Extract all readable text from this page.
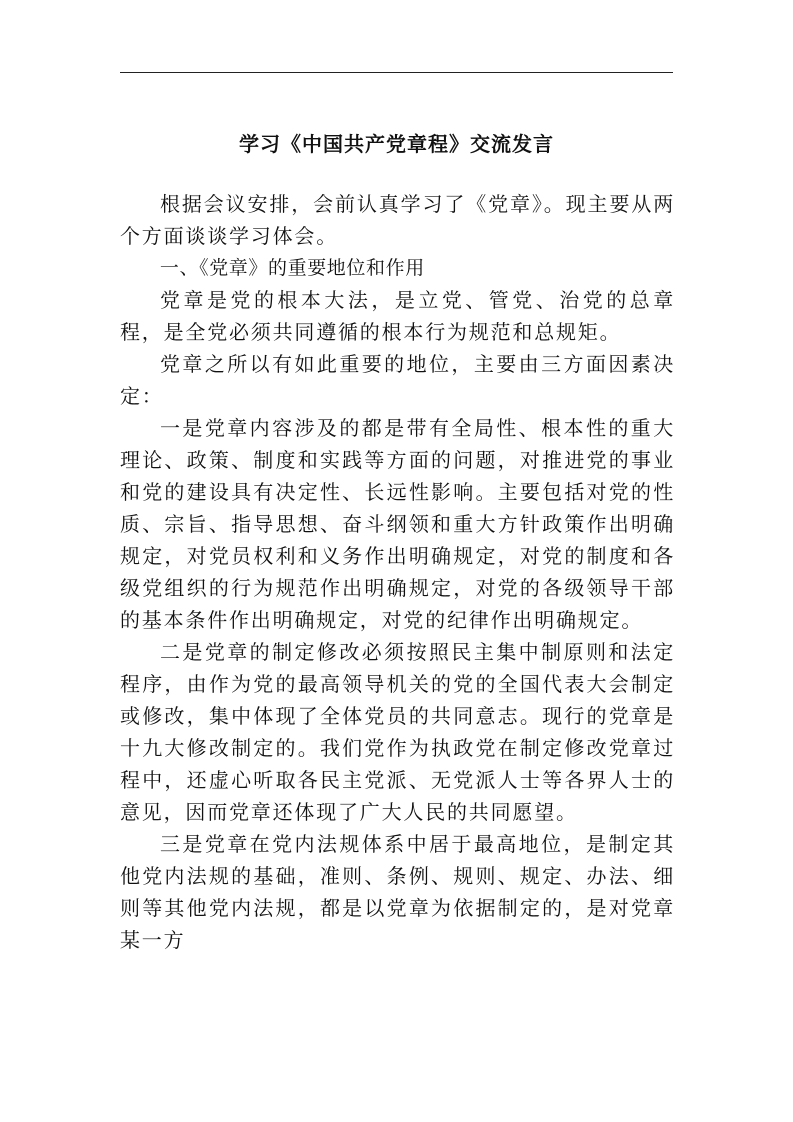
学习《中国共产党章程》交流发言

根据会议安排，会前认真学习了《党章》。现主要从两个方面谈谈学习体会。

一、《党章》的重要地位和作用

党章是党的根本大法，是立党、管党、治党的总章程，是全党必须共同遵循的根本行为规范和总规矩。

党章之所以有如此重要的地位，主要由三方面因素决定：

一是党章内容涉及的都是带有全局性、根本性的重大理论、政策、制度和实践等方面的问题，对推进党的事业和党的建设具有决定性、长远性影响。主要包括对党的性质、宗旨、指导思想、奋斗纲领和重大方针政策作出明确规定，对党员权利和义务作出明确规定，对党的制度和各级党组织的行为规范作出明确规定，对党的各级领导干部的基本条件作出明确规定，对党的纪律作出明确规定。

二是党章的制定修改必须按照民主集中制原则和法定程序，由作为党的最高领导机关的党的全国代表大会制定或修改，集中体现了全体党员的共同意志。现行的党章是十九大修改制定的。我们党作为执政党在制定修改党章过程中，还虚心听取各民主党派、无党派人士等各界人士的意见，因而党章还体现了广大人民的共同愿望。

三是党章在党内法规体系中居于最高地位，是制定其他党内法规的基础，准则、条例、规则、规定、办法、细则等其他党内法规，都是以党章为依据制定的，是对党章某一方
